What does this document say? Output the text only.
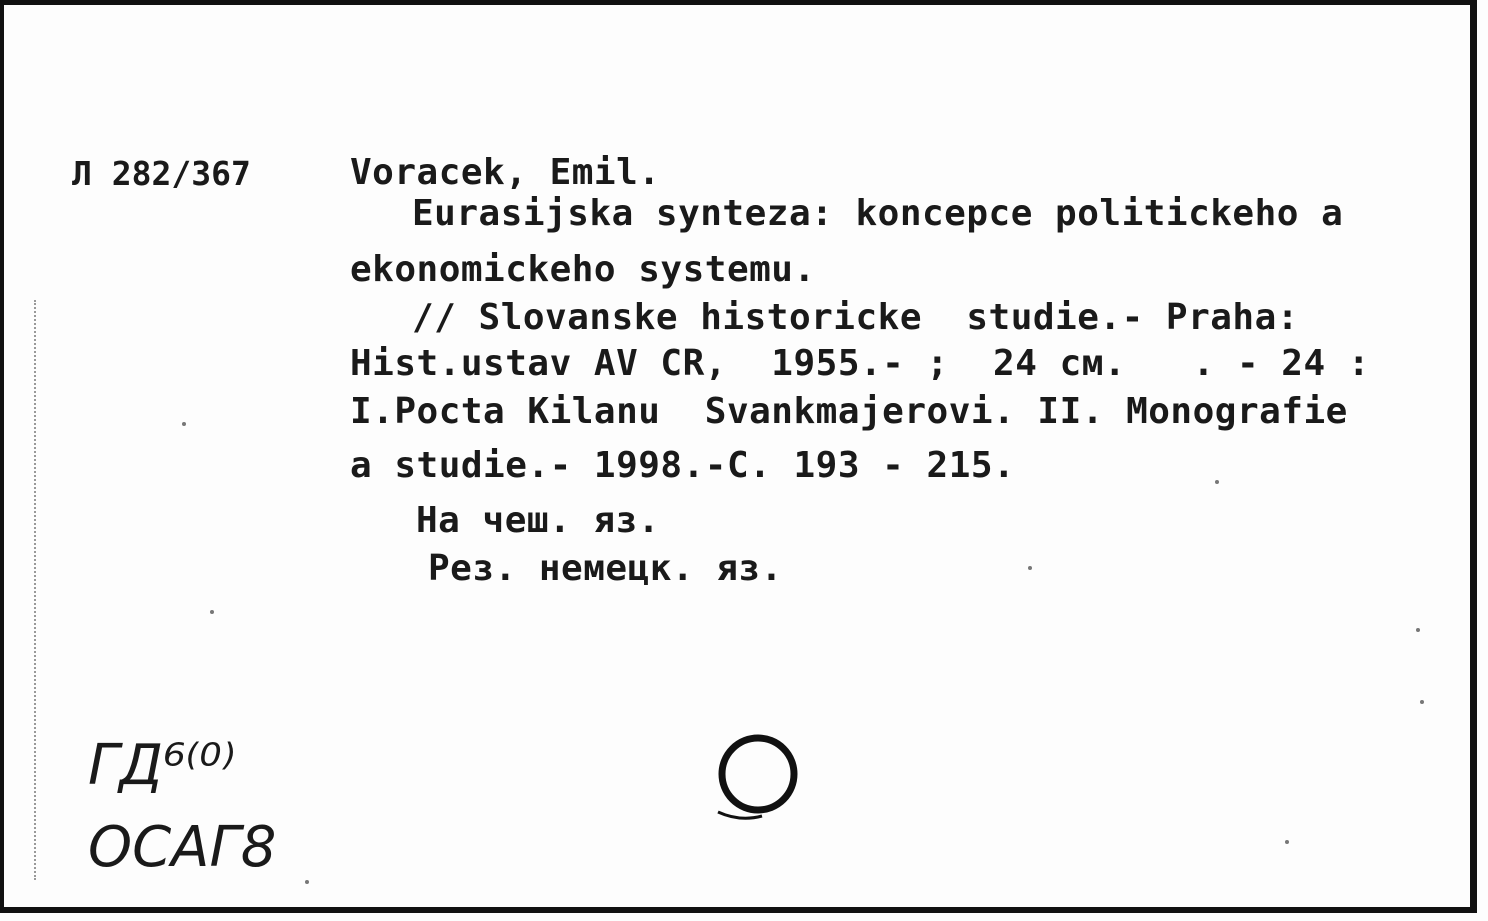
Л 282/367	Voracek, Emil.
Eurasijska synteza: koncepce politickeho a
ekonomickeho systemu.
// Slovanske historicke  studie.- Praha:
Hist.ustav AV CR,  1955.- ;  24 см.   . - 24 :
I.Pocta Kilanu  Svankmajerovi. II. Monografie
a studie.- 1998.-C. 193 - 215.
На чеш. яз.
Рез. немецк. яз.
ГД⁶⁽⁰⁾
ОСАГ8
